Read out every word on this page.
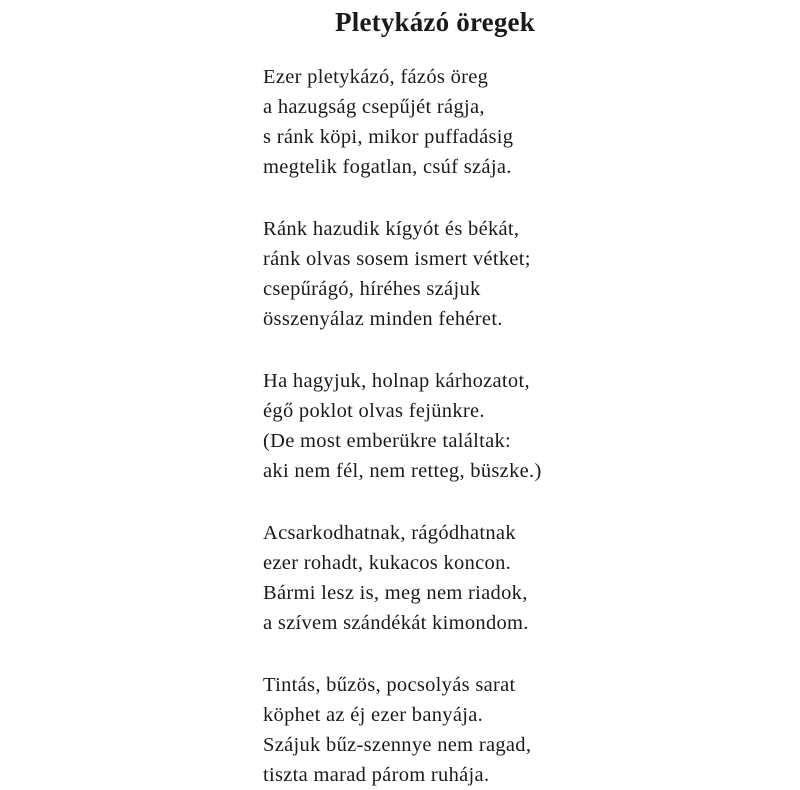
Pletykázó öregek
Ezer pletykázó, fázós öreg
a hazugság csepűjét rágja,
s ránk köpi, mikor puffadásig
megtelik fogatlan, csúf szája.
Ránk hazudik kígyót és békát,
ránk olvas sosem ismert vétket;
csepűrágó, híréhes szájuk
összenyálaz minden fehéret.
Ha hagyjuk, holnap kárhozatot,
égő poklot olvas fejünkre.
(De most emberükre találtak:
aki nem fél, nem retteg, büszke.)
Acsarkodhatnak, rágódhatnak
ezer rohadt, kukacos koncon.
Bármi lesz is, meg nem riadok,
a szívem szándékát kimondom.
Tintás, bűzös, pocsolyás sarat
köphet az éj ezer banyája.
Szájuk bűz-szennye nem ragad,
tiszta marad párom ruhája.
